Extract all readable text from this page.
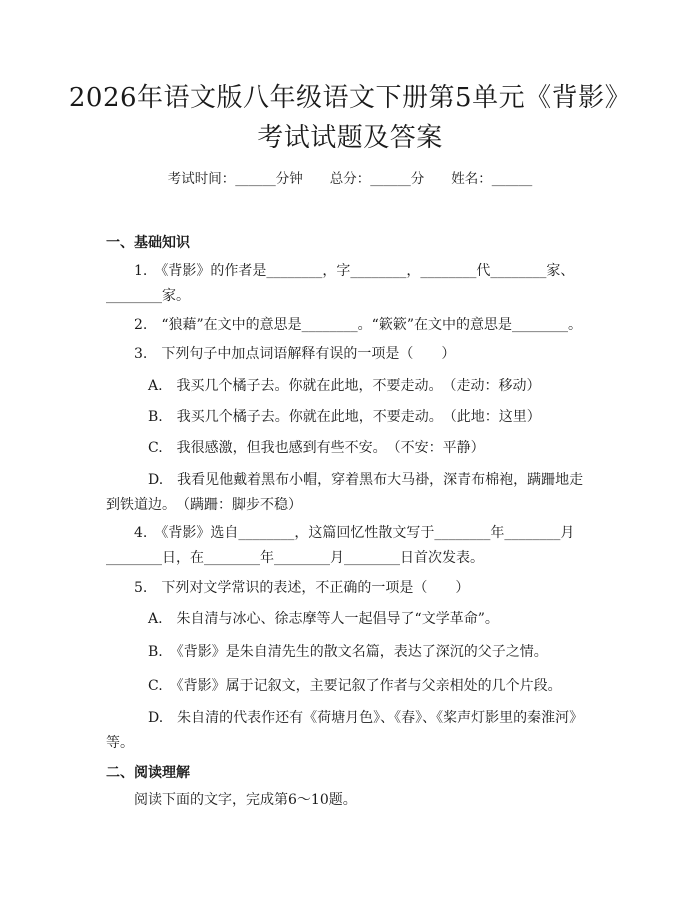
2026年语文版八年级语文下册第5单元《背影》考试试题及答案
考试时间：______分钟　　总分：______分　　姓名：______
一、基础知识
　　1.　《背影》的作者是________，字________，________代________家、________家。
　　2.　“狼藉”在文中的意思是________。“簌簌”在文中的意思是________。
　　3.　下列句子中加点词语解释有误的一项是（　　）
　　　A.　我买几个橘子去。你就在此地，不要走动。　（走动：移动）
　　　B.　我买几个橘子去。你就在此地，不要走动。　（此地：这里）
　　　C.　我很感激，但我也感到有些不安。　（不安：平静）
　　　D.　我看见他戴着黑布小帽，穿着黑布大马褂，深青布棉袍，蹒跚地走到铁道边。　（蹒跚：脚步不稳）
　　4.　《背影》选自________，这篇回忆性散文写于________年________月________日，在________年________月________日首次发表。
　　5.　下列对文学常识的表述，不正确的一项是（　　）
　　　A.　朱自清与冰心、徐志摩等人一起倡导了“文学革命”。
　　　B.　《背影》是朱自清先生的散文名篇，表达了深沉的父子之情。
　　　C.　《背影》属于记叙文，主要记叙了作者与父亲相处的几个片段。
　　　D.　朱自清的代表作还有《荷塘月色》、《春》、《桨声灯影里的秦淮河》等。
二、阅读理解
　　阅读下面的文字，完成第6～10题。
